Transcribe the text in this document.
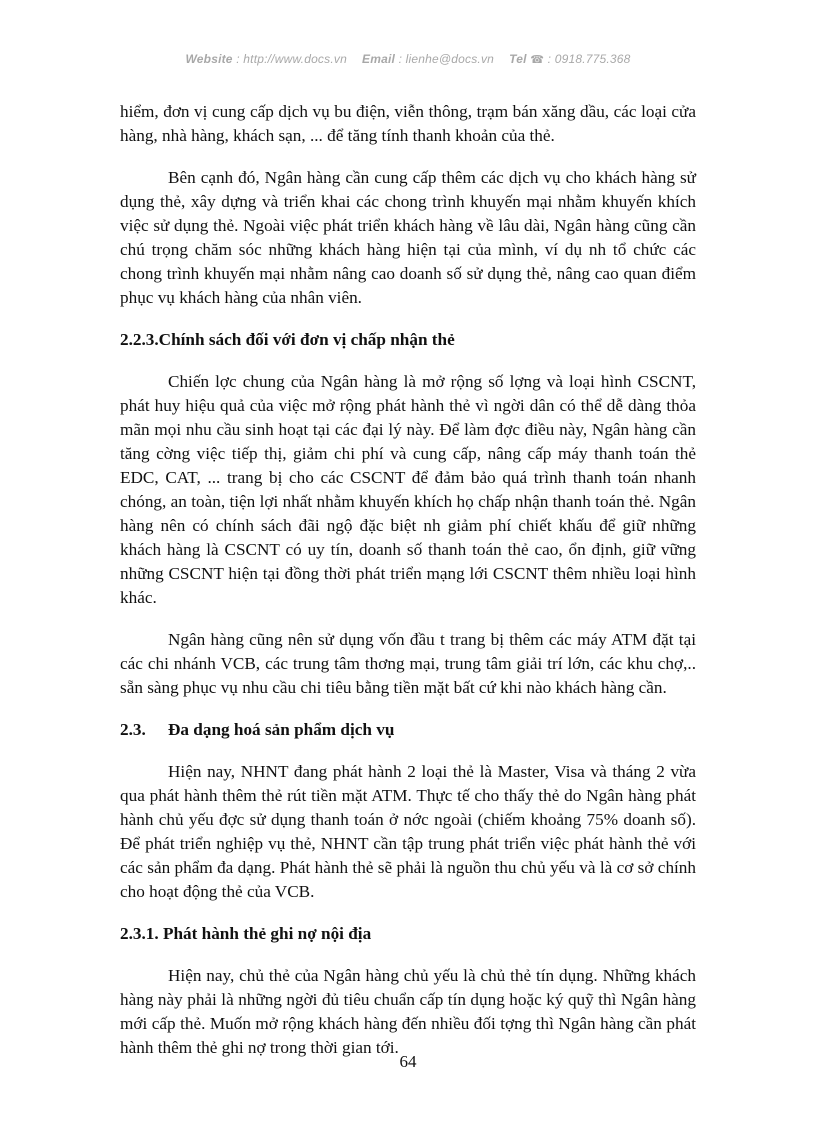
Website : http://www.docs.vn Email : lienhe@docs.vn Tel ☎ : 0918.775.368

hiểm, đơn vị cung cấp dịch vụ bu điện, viễn thông, trạm bán xăng dầu, các loại cửa hàng, nhà hàng, khách sạn, ... để tăng tính thanh khoản của thẻ.

Bên cạnh đó, Ngân hàng cần cung cấp thêm các dịch vụ cho khách hàng sử dụng thẻ, xây dựng và triển khai các chong trình khuyến mại nhằm khuyến khích việc sử dụng thẻ. Ngoài việc phát triển khách hàng về lâu dài, Ngân hàng cũng cần chú trọng chăm sóc những khách hàng hiện tại của mình, ví dụ nh tổ chức các chong trình khuyến mại nhằm nâng cao doanh số sử dụng thẻ, nâng cao quan điểm phục vụ khách hàng của nhân viên.

2.2.3.Chính sách đối với đơn vị chấp nhận thẻ

Chiến lợc chung của Ngân hàng là mở rộng số lợng và loại hình CSCNT, phát huy hiệu quả của việc mở rộng phát hành thẻ vì ngời dân có thể dễ dàng thỏa mãn mọi nhu cầu sinh hoạt tại các đại lý này. Để làm đợc điều này, Ngân hàng cần tăng cờng việc tiếp thị, giảm chi phí và cung cấp, nâng cấp máy thanh toán thẻ EDC, CAT, ... trang bị cho các CSCNT để đảm bảo quá trình thanh toán nhanh chóng, an toàn, tiện lợi nhất nhằm khuyến khích họ chấp nhận thanh toán thẻ. Ngân hàng nên có chính sách đãi ngộ đặc biệt nh giảm phí chiết khấu để giữ những khách hàng là CSCNT có uy tín, doanh số thanh toán thẻ cao, ổn định, giữ vững những CSCNT hiện tại đồng thời phát triển mạng lới CSCNT thêm nhiều loại hình khác.

Ngân hàng cũng nên sử dụng vốn đầu t trang bị thêm các máy ATM đặt tại các chi nhánh VCB, các trung tâm thơng mại, trung tâm giải trí lớn, các khu chợ,.. sẵn sàng phục vụ nhu cầu chi tiêu bằng tiền mặt bất cứ khi nào khách hàng cần.

2.3. Đa dạng hoá sản phẩm dịch vụ

Hiện nay, NHNT đang phát hành 2 loại thẻ là Master, Visa và tháng 2 vừa qua phát hành thêm thẻ rút tiền mặt ATM. Thực tế cho thấy thẻ do Ngân hàng phát hành chủ yếu đợc sử dụng thanh toán ở nớc ngoài (chiếm khoảng 75% doanh số). Để phát triển nghiệp vụ thẻ, NHNT cần tập trung phát triển việc phát hành thẻ với các sản phẩm đa dạng. Phát hành thẻ sẽ phải là nguồn thu chủ yếu và là cơ sở chính cho hoạt động thẻ của VCB.

2.3.1. Phát hành thẻ ghi nợ nội địa

Hiện nay, chủ thẻ của Ngân hàng chủ yếu là chủ thẻ tín dụng. Những khách hàng này phải là những ngời đủ tiêu chuẩn cấp tín dụng hoặc ký quỹ thì Ngân hàng mới cấp thẻ. Muốn mở rộng khách hàng đến nhiều đối tợng thì Ngân hàng cần phát hành thêm thẻ ghi nợ trong thời gian tới.

64
